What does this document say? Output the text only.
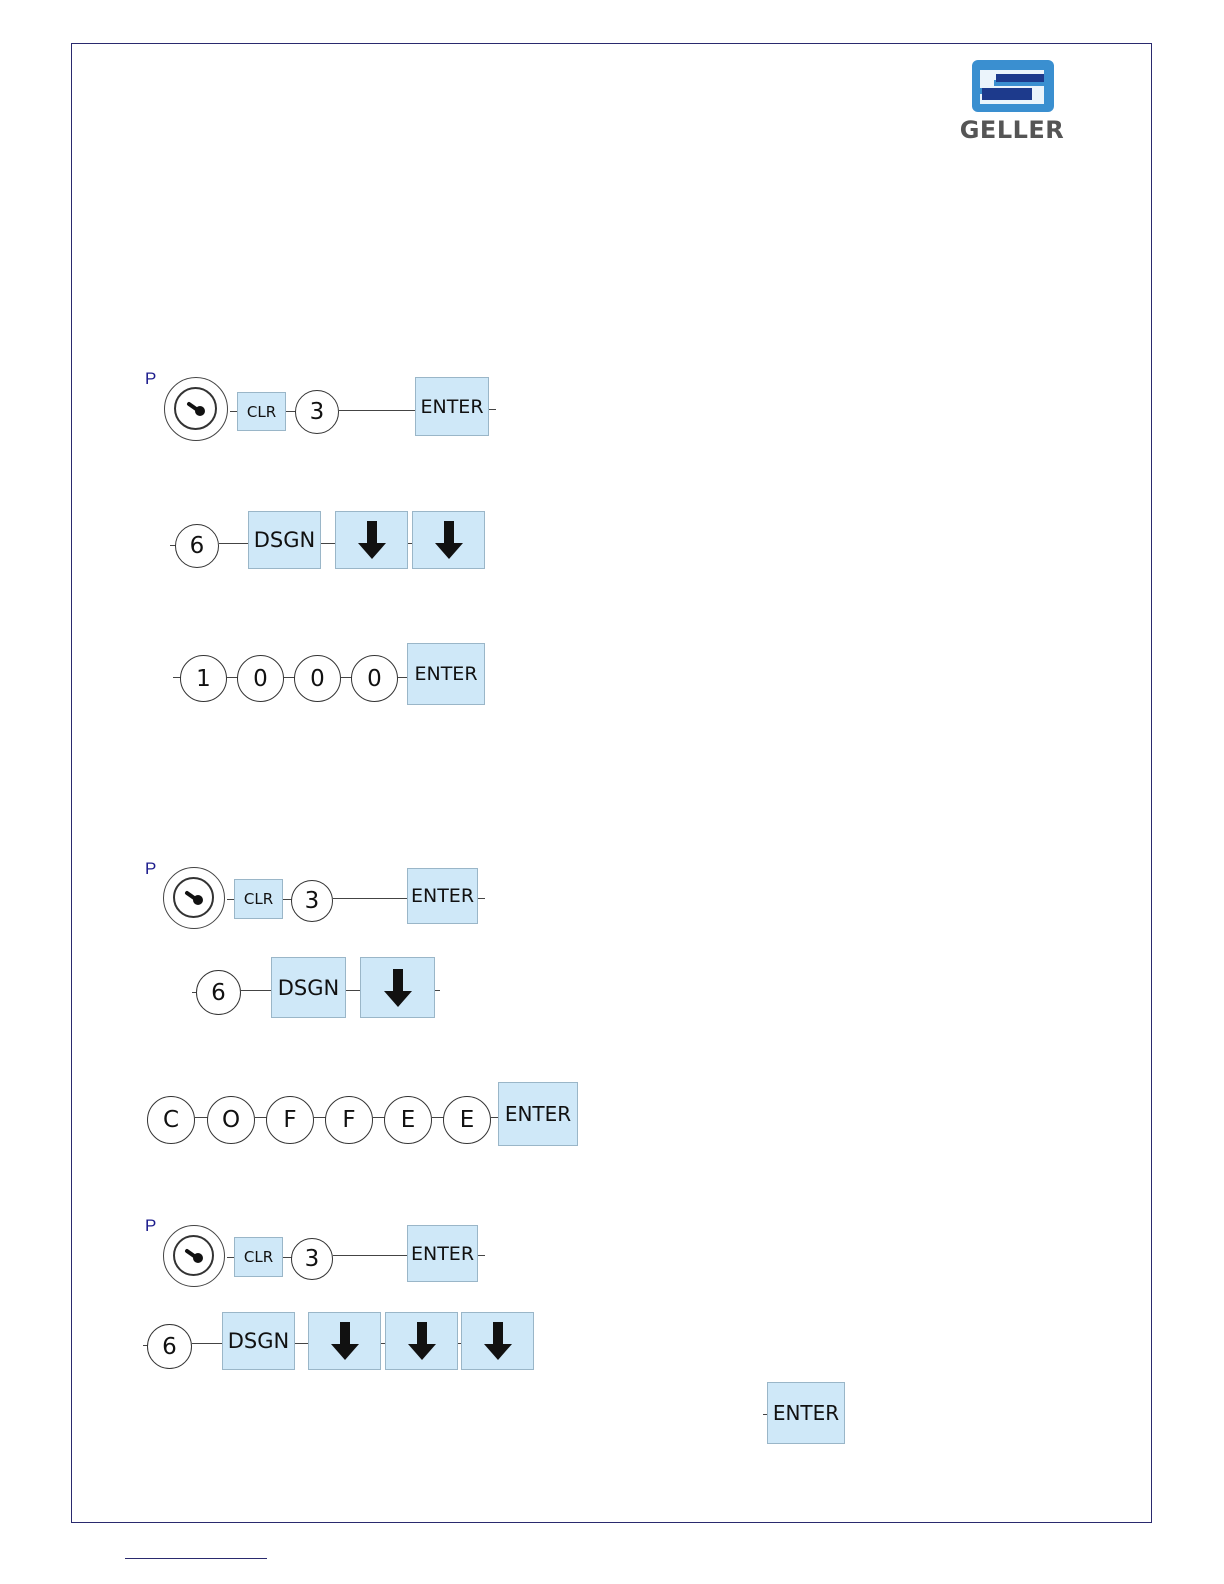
GELLER
P
CLR	3	ENTER
6	DSGN
1	0	0	0	ENTER
P
CLR	3	ENTER
6	DSGN
C	O	F	F	E	E	ENTER
P
CLR	3	ENTER
6	DSGN
ENTER
